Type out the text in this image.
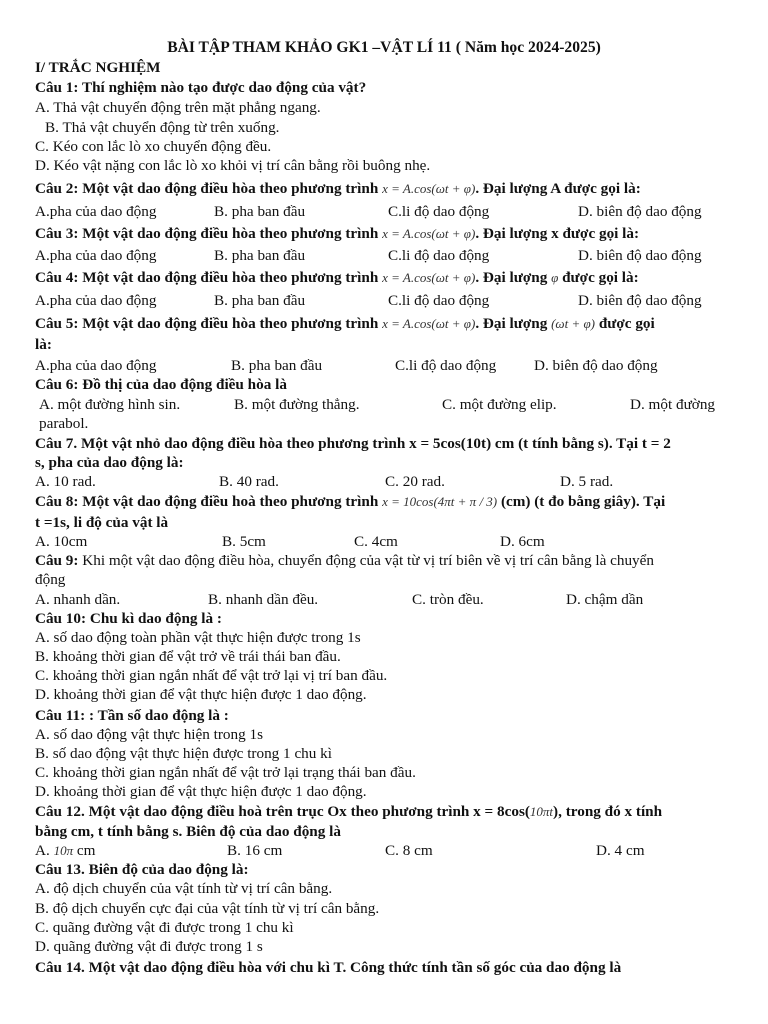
BÀI TẬP THAM KHẢO GK1 –VẬT LÍ 11 ( Năm học 2024-2025)
I/ TRẮC NGHIỆM
Câu 1: Thí nghiệm nào tạo được dao động của vật?
A. Thả vật chuyển động trên mặt phẳng ngang.
B. Thả vật chuyển động từ trên xuống.
C. Kéo con lắc lò xo chuyển động đều.
D. Kéo vật nặng con lắc lò xo khỏi vị trí cân bằng rồi buông nhẹ.
Câu 2: Một vật dao động điều hòa theo phương trình x = A.cos(ωt + φ). Đại lượng A được gọi là:
A.pha của dao động	B. pha ban đầu	C.li độ dao động	D. biên độ dao động
Câu 3: Một vật dao động điều hòa theo phương trình x = A.cos(ωt + φ). Đại lượng x được gọi là:
A.pha của dao động	B. pha ban đầu	C.li độ dao động	D. biên độ dao động
Câu 4: Một vật dao động điều hòa theo phương trình x = A.cos(ωt + φ). Đại lượng φ được gọi là:
A.pha của dao động	B. pha ban đầu	C.li độ dao động	D. biên độ dao động
Câu 5: Một vật dao động điều hòa theo phương trình x = A.cos(ωt + φ). Đại lượng (ωt + φ) được gọi
là:
A.pha của dao động	B. pha ban đầu	C.li độ dao động D. biên độ dao động
Câu 6: Đồ thị của dao động điều hòa là
A. một đường hình sin.	B. một đường thẳng.	C. một đường elip.	D. một đường
parabol.
Câu 7. Một vật nhỏ dao động điều hòa theo phương trình x = 5cos(10t) cm (t tính bằng s). Tại t = 2
s, pha của dao động là:
A. 10 rad.	B. 40 rad.	C. 20 rad.	D. 5 rad.
Câu 8: Một vật dao động điều hoà theo phương trình x = 10cos(4πt + π / 3) (cm) (t đo bằng giây). Tại
t =1s, li độ của vật là
A. 10cm	B. 5cm	C. 4cm	D. 6cm
Câu 9: Khi một vật dao động điều hòa, chuyển động của vật từ vị trí biên về vị trí cân bằng là chuyển
động
A. nhanh dần.	B. nhanh dần đều.	C. tròn đều.	D. chậm dần
Câu 10: Chu kì dao động là :
A. số dao động toàn phần vật thực hiện được trong 1s
B. khoảng thời gian để vật trở về trái thái ban đầu.
C. khoảng thời gian ngắn nhất để vật trở lại vị trí ban đầu.
D. khoảng thời gian để vật thực hiện được 1 dao động.
Câu 11: : Tần số dao động là :
A. số dao động vật thực hiện trong 1s
B. số dao động vật thực hiện được trong 1 chu kì
C. khoảng thời gian ngắn nhất để vật trở lại trạng thái ban đầu.
D. khoảng thời gian để vật thực hiện được 1 dao động.
Câu 12. Một vật dao động điều hoà trên trục Ox theo phương trình x = 8cos(10πt), trong đó x tính
bằng cm, t tính bằng s. Biên độ của dao động là
A. 10π cm	B. 16 cm	C. 8 cm	D. 4 cm
Câu 13. Biên độ của dao động là:
A. độ dịch chuyển của vật tính từ vị trí cân bằng.
B. độ dịch chuyển cực đại của vật tính từ vị trí cân bằng.
C. quãng đường vật đi được trong 1 chu kì
D. quãng đường vật đi được trong 1 s
Câu 14. Một vật dao động điều hòa với chu kì T. Công thức tính tần số góc của dao động là
